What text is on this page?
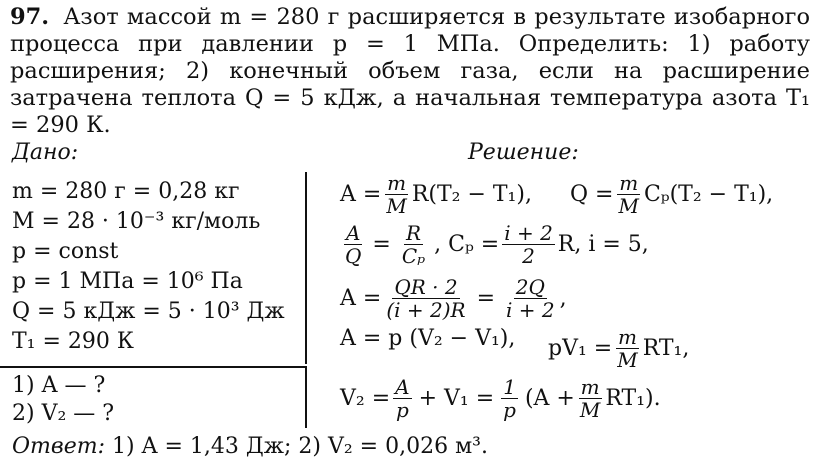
97. Азот массой m = 280 г расширяется в результате изобарного процесса при давлении p = 1 МПа. Определить: 1) работу расширения; 2) конечный объем газа, если на расширение затрачена теплота Q = 5 кДж, а начальная температура азота T₁ = 290 К.
Дано:	Решение:
m = 280 г = 0,28 кг
M = 28 · 10⁻³ кг/моль
p = const
p = 1 МПа = 10⁶ Па
Q = 5 кДж = 5 · 10³ Дж
T₁ = 290 К
1) A — ?
2) V₂ — ?
$A = \frac{m}{M} R(T_2 - T_1)$, $Q = \frac{m}{M} C_p(T_2 - T_1)$,
$\frac{A}{Q} = \frac{R}{\text{Cₚ}}$ , $C_p = \frac{i + 2}{2} R$, i = 5,
$A = \frac{QR \cdot 2}{(i + 2)R} = \frac{2Q}{i + 2}$ ,
A = p (V₂ − V₁), $pV_1 = \frac{m}{M} RT_1$,
$V_2 = \frac{A}{p} + V_1 = \frac{1}{p} (A + \frac{m}{M} RT_1)$.
Ответ: 1) A = 1,43 Дж; 2) V₂ = 0,026 м³.
